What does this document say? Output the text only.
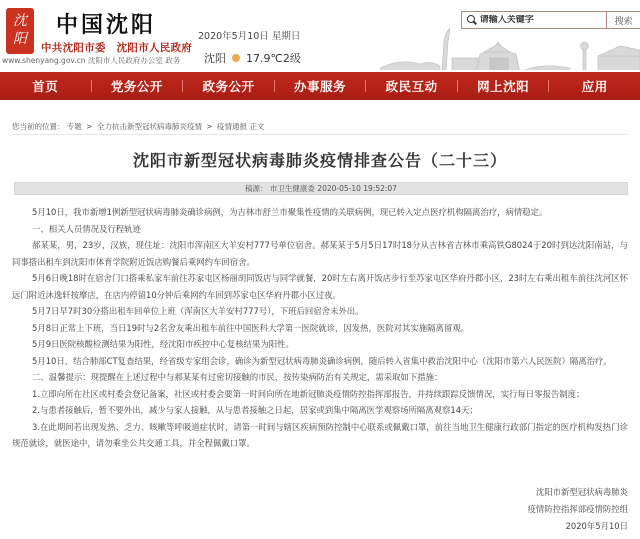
沈阳
中国沈阳
中共沈阳市委　沈阳市人民政府
www.shenyang.gov.cn 沈阳市人民政府办公室 政务
2020年5月10日 星期日
沈阳 17.9℃2级
请输入关键字
搜索
首页	党务公开	政务公开	办事服务	政民互动	网上沈阳	应用
您当前的位置： 专题 > 全力抗击新型冠状病毒肺炎疫情 > 疫情通报 正文
沈阳市新型冠状病毒肺炎疫情排查公告（二十三）
稿源： 市卫生健康委 2020-05-10 19:52:07

5月10日，我市新增1例新型冠状病毒肺炎确诊病例，为吉林市舒兰市聚集性疫情的关联病例，现已转入定点医疗机构隔离治疗，病情稳定。

一、相关人员情况及行程轨迹

郝某某，男，23岁，汉族，现住址：沈阳市浑南区大羊安村777号单位宿舍。郝某某于5月5日17时18分从吉林省吉林市乘高铁G8024于20时到达沈阳南站，与同事搭出租车到沈阳市体育学院附近饭店购餐后乘网约车回宿舍。

5月6日晚18时在宿舍门口搭乘私家车前往苏家屯区杨丽胡同饭店与同学就餐，20时左右离开饭店步行至苏家屯区华府丹郡小区，23时左右乘出租车前往沈河区怀远门附近沐逸轩按摩店，在店内停留10分钟后乘网约车回到苏家屯区华府丹郡小区过夜。

5月7日早7时30分搭出租车回单位上班（浑南区大羊安村777号），下班后回宿舍未外出。

5月8日正常上下班，当日19时与2名舍友乘出租车前往中国医科大学第一医院就诊，因发热，医院对其实施隔离留观。

5月9日医院核酸检测结果为阳性，经沈阳市疾控中心复核结果为阳性。

5月10日，结合肺部CT复查结果，经省级专家组会诊，确诊为新型冠状病毒肺炎确诊病例，随后转入省集中救治沈阳中心（沈阳市第六人民医院）隔离治疗。

二、温馨提示：现提醒在上述过程中与郝某某有过密切接触的市民，按传染病防治有关规定，需采取如下措施：

1.立即向所在社区或村委会登记备案，社区或村委会要第一时间向所在地新冠肺炎疫情防控指挥部报告，并持续跟踪反馈情况，实行每日零报告制度；

2.与患者接触后，暂不要外出，减少与家人接触，从与患者接触之日起，居家或到集中隔离医学观察场所隔离观察14天；

3.在此期间若出现发热、乏力、咳嗽等呼吸道症状时，请第一时间与辖区疾病预防控制中心联系或佩戴口罩，前往当地卫生健康行政部门指定的医疗机构发热门诊规范就诊，就医途中，请勿乘坐公共交通工具，并全程佩戴口罩。

沈阳市新型冠状病毒肺炎
疫情防控指挥部疫情防控组
2020年5月10日
